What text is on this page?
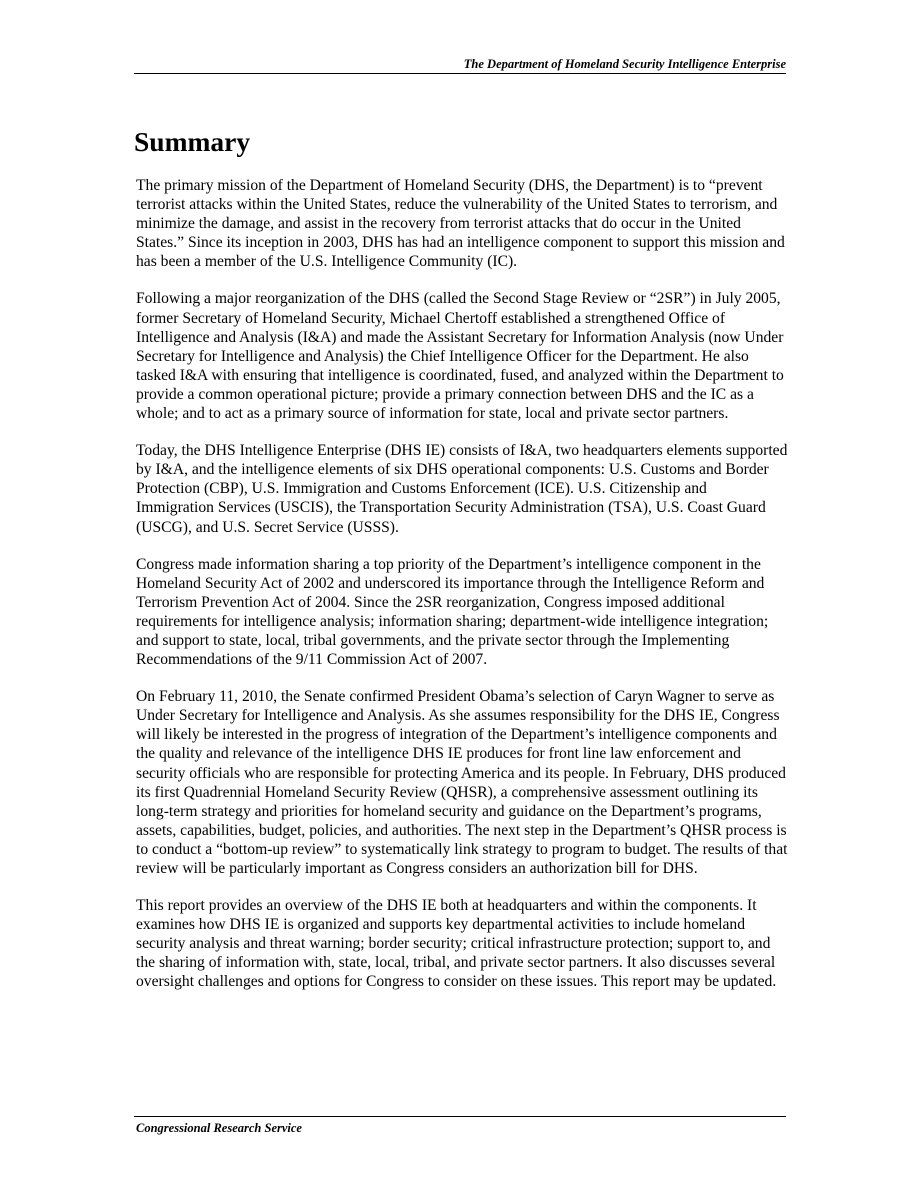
The Department of Homeland Security Intelligence Enterprise
Summary

The primary mission of the Department of Homeland Security (DHS, the Department) is to “prevent terrorist attacks within the United States, reduce the vulnerability of the United States to terrorism, and minimize the damage, and assist in the recovery from terrorist attacks that do occur in the United States.” Since its inception in 2003, DHS has had an intelligence component to support this mission and has been a member of the U.S. Intelligence Community (IC).

Following a major reorganization of the DHS (called the Second Stage Review or “2SR”) in July 2005, former Secretary of Homeland Security, Michael Chertoff established a strengthened Office of Intelligence and Analysis (I&A) and made the Assistant Secretary for Information Analysis (now Under Secretary for Intelligence and Analysis) the Chief Intelligence Officer for the Department. He also tasked I&A with ensuring that intelligence is coordinated, fused, and analyzed within the Department to provide a common operational picture; provide a primary connection between DHS and the IC as a whole; and to act as a primary source of information for state, local and private sector partners.

Today, the DHS Intelligence Enterprise (DHS IE) consists of I&A, two headquarters elements supported by I&A, and the intelligence elements of six DHS operational components: U.S. Customs and Border Protection (CBP), U.S. Immigration and Customs Enforcement (ICE). U.S. Citizenship and Immigration Services (USCIS), the Transportation Security Administration (TSA), U.S. Coast Guard (USCG), and U.S. Secret Service (USSS).

Congress made information sharing a top priority of the Department’s intelligence component in the Homeland Security Act of 2002 and underscored its importance through the Intelligence Reform and Terrorism Prevention Act of 2004. Since the 2SR reorganization, Congress imposed additional requirements for intelligence analysis; information sharing; department-wide intelligence integration; and support to state, local, tribal governments, and the private sector through the Implementing Recommendations of the 9/11 Commission Act of 2007.

On February 11, 2010, the Senate confirmed President Obama’s selection of Caryn Wagner to serve as Under Secretary for Intelligence and Analysis. As she assumes responsibility for the DHS IE, Congress will likely be interested in the progress of integration of the Department’s intelligence components and the quality and relevance of the intelligence DHS IE produces for front line law enforcement and security officials who are responsible for protecting America and its people. In February, DHS produced its first Quadrennial Homeland Security Review (QHSR), a comprehensive assessment outlining its long-term strategy and priorities for homeland security and guidance on the Department’s programs, assets, capabilities, budget, policies, and authorities. The next step in the Department’s QHSR process is to conduct a “bottom-up review” to systematically link strategy to program to budget. The results of that review will be particularly important as Congress considers an authorization bill for DHS.

This report provides an overview of the DHS IE both at headquarters and within the components. It examines how DHS IE is organized and supports key departmental activities to include homeland security analysis and threat warning; border security; critical infrastructure protection; support to, and the sharing of information with, state, local, tribal, and private sector partners. It also discusses several oversight challenges and options for Congress to consider on these issues. This report may be updated.

Congressional Research Service
